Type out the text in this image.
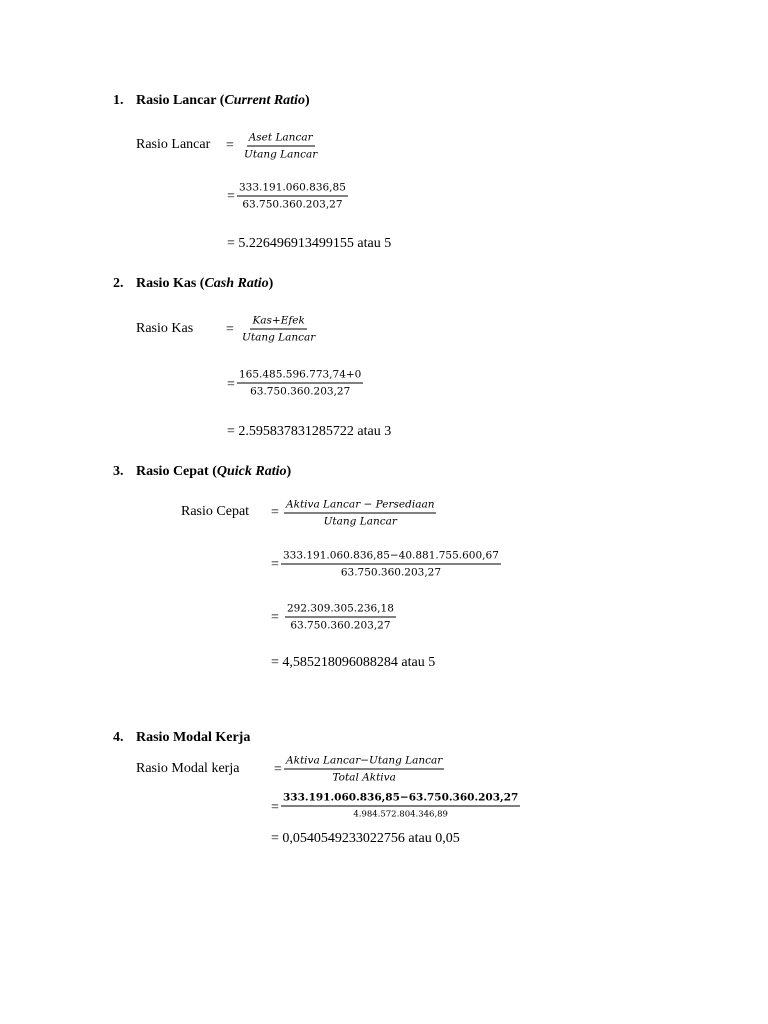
1. Rasio Lancar (Current Ratio)
Rasio Lancar =
Aset Lancar
Utang Lancar
= $\frac{333.191.060.836,85}{63.750.360.203,27}$
= 5.226496913499155 atau 5
2. Rasio Kas (Cash Ratio)
Rasio Kas =
Kas+Efek
Utang Lancar
= $\frac{165.485.596.773,74+0}{63.750.360.203,27}$
= 2.595837831285722 atau 3
3. Rasio Cepat (Quick Ratio)
Rasio Cepat =
Aktiva Lancar − Persediaan
Utang Lancar
= $\frac{333.191.060.836,85-40.881.755.600,67}{63.750.360.203,27}$
= $\frac{292.309.305.236,18}{63.750.360.203,27}$
= 4,585218096088284 atau 5
4. Rasio Modal Kerja
Rasio Modal kerja =
Aktiva Lancar−Utang Lancar
Total Aktiva
=
333.191.060.836,85−63.750.360.203,27
4.984.572.804.346,89
= 0,0540549233022756 atau 0,05
